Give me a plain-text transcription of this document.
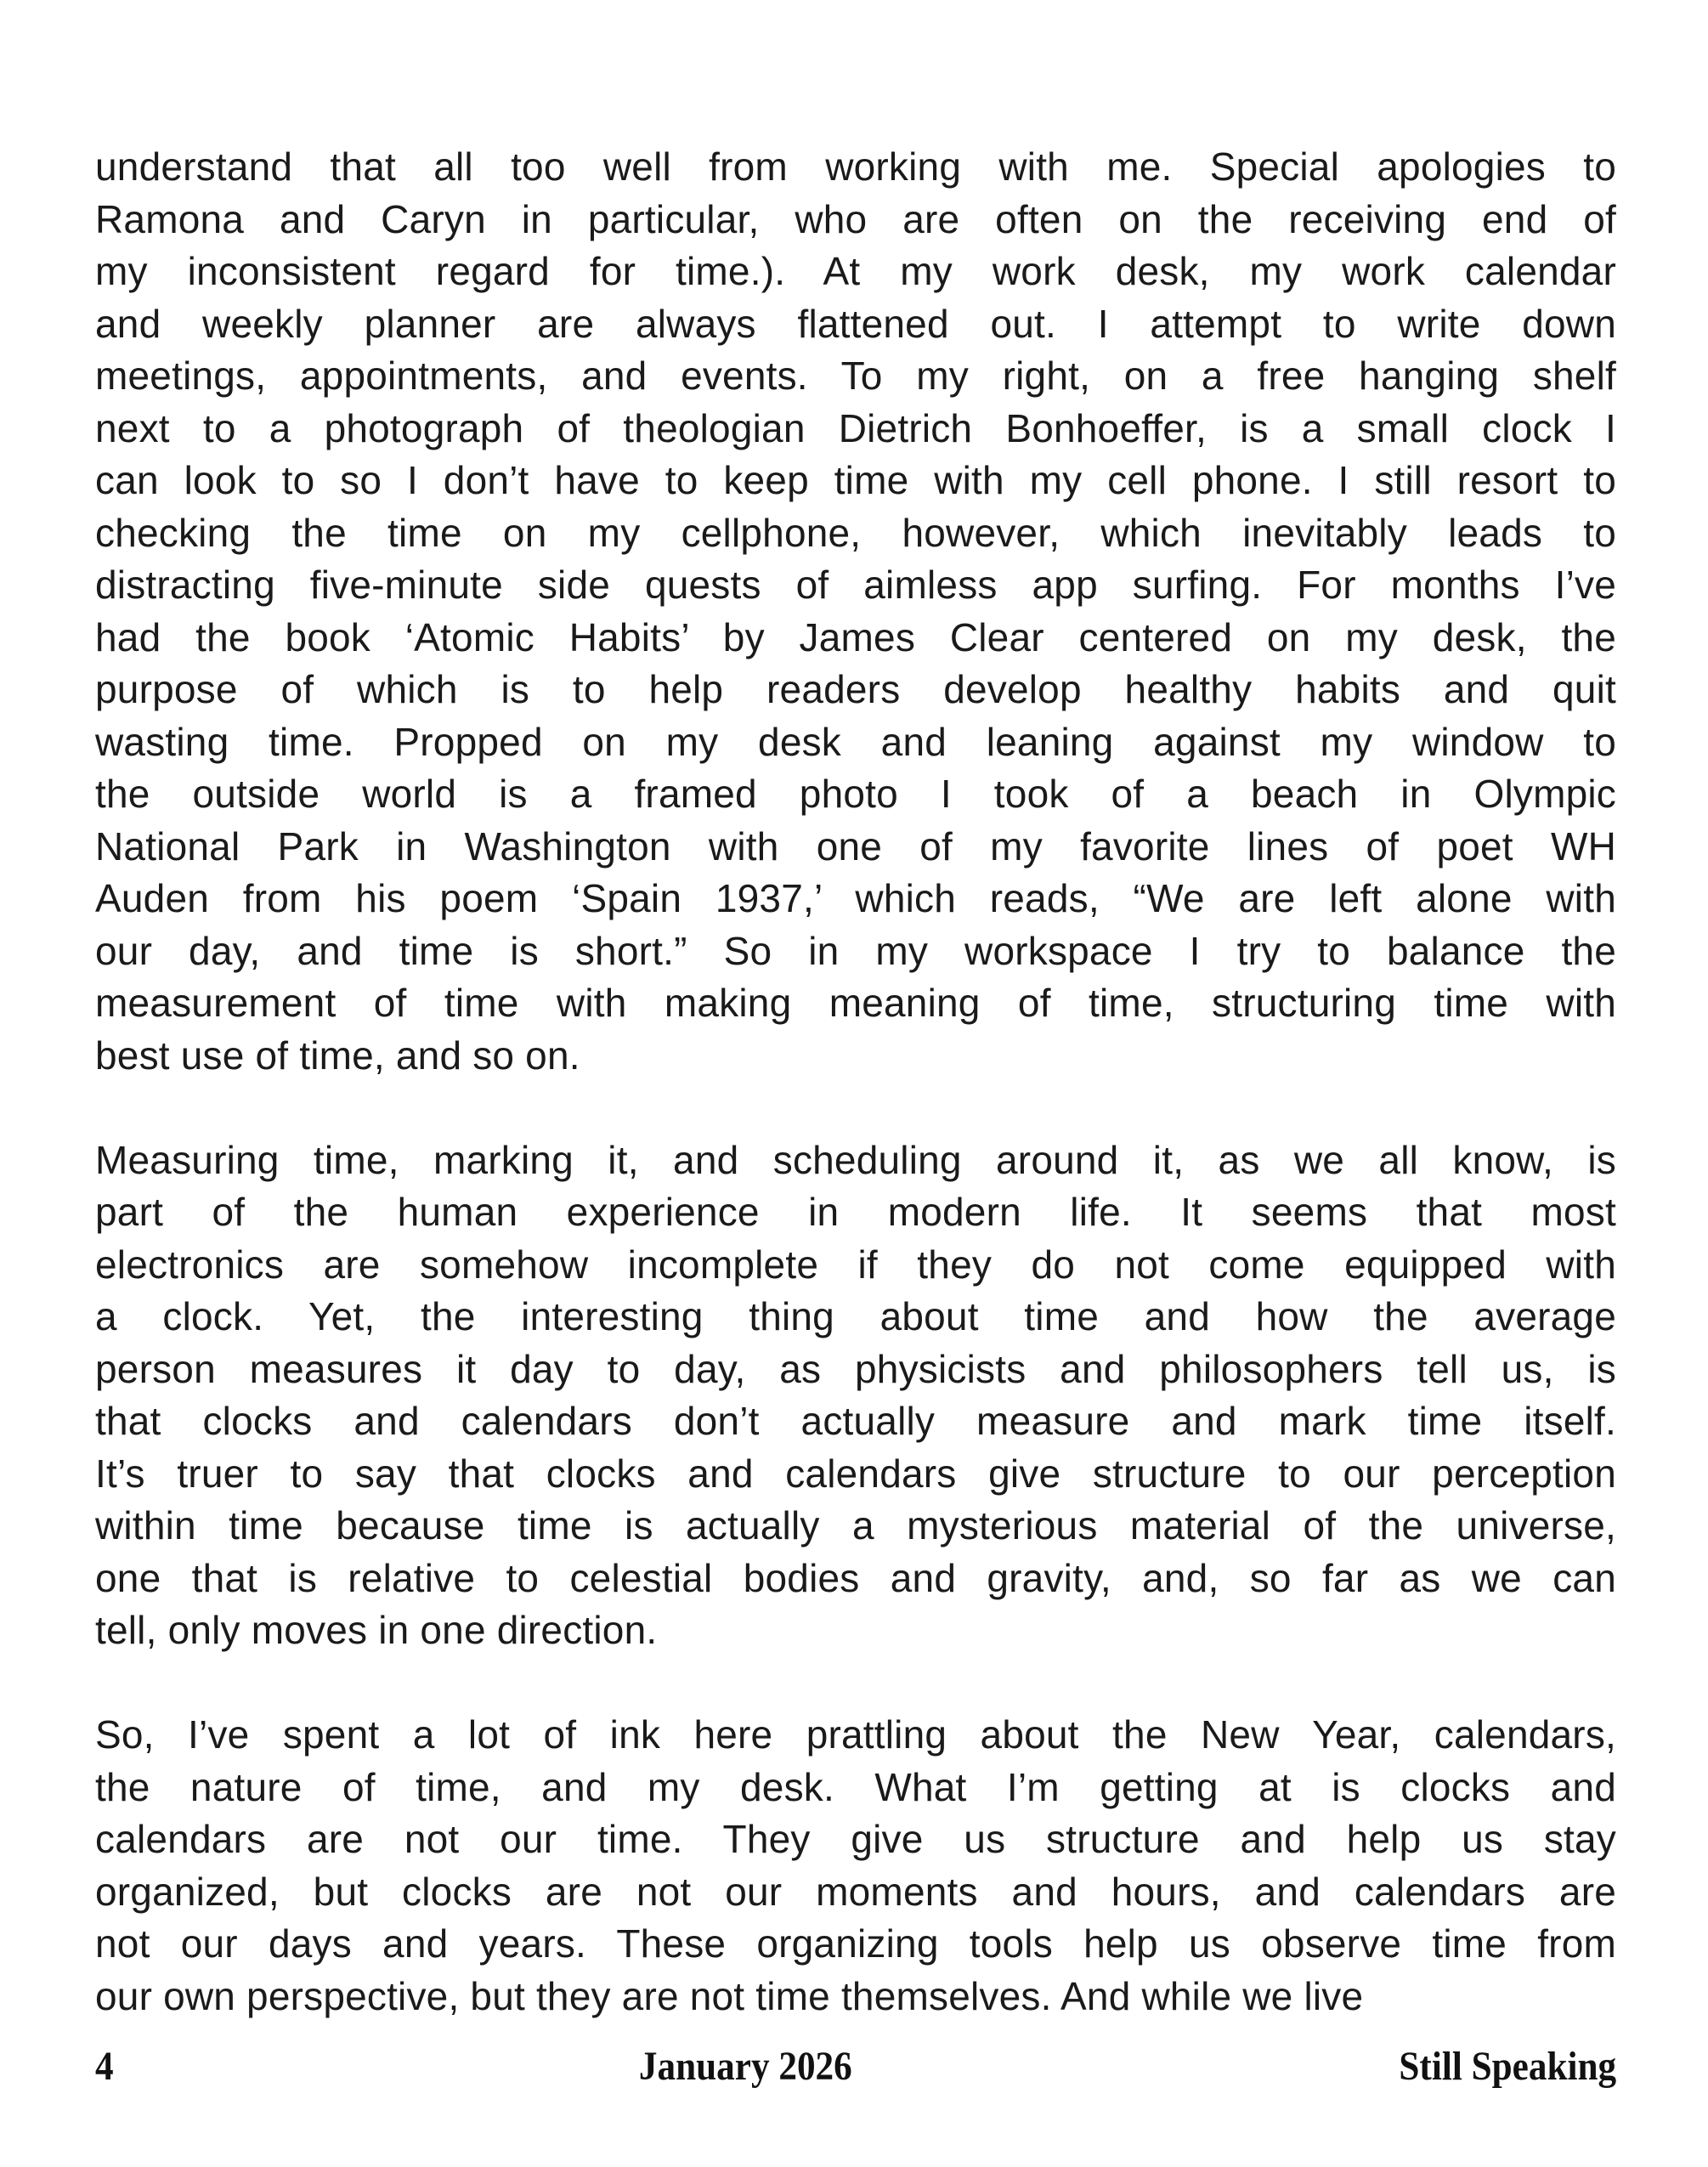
understand that all too well from working with me. Special apologies to
Ramona and Caryn in particular, who are often on the receiving end of
my inconsistent regard for time.). At my work desk, my work calendar
and weekly planner are always flattened out. I attempt to write down
meetings, appointments, and events. To my right, on a free hanging shelf
next to a photograph of theologian Dietrich Bonhoeffer, is a small clock I
can look to so I don’t have to keep time with my cell phone. I still resort to
checking the time on my cellphone, however, which inevitably leads to
distracting five-minute side quests of aimless app surfing. For months I’ve
had the book ‘Atomic Habits’ by James Clear centered on my desk, the
purpose of which is to help readers develop healthy habits and quit
wasting time. Propped on my desk and leaning against my window to
the outside world is a framed photo I took of a beach in Olympic
National Park in Washington with one of my favorite lines of poet WH
Auden from his poem ‘Spain 1937,’ which reads, “We are left alone with
our day, and time is short.” So in my workspace I try to balance the
measurement of time with making meaning of time, structuring time with
best use of time, and so on.
Measuring time, marking it, and scheduling around it, as we all know, is
part of the human experience in modern life. It seems that most
electronics are somehow incomplete if they do not come equipped with
a clock. Yet, the interesting thing about time and how the average
person measures it day to day, as physicists and philosophers tell us, is
that clocks and calendars don’t actually measure and mark time itself.
It’s truer to say that clocks and calendars give structure to our perception
within time because time is actually a mysterious material of the universe,
one that is relative to celestial bodies and gravity, and, so far as we can
tell, only moves in one direction.
So, I’ve spent a lot of ink here prattling about the New Year, calendars,
the nature of time, and my desk. What I’m getting at is clocks and
calendars are not our time. They give us structure and help us stay
organized, but clocks are not our moments and hours, and calendars are
not our days and years. These organizing tools help us observe time from
our own perspective, but they are not time themselves. And while we live
4	January 2026	Still Speaking
